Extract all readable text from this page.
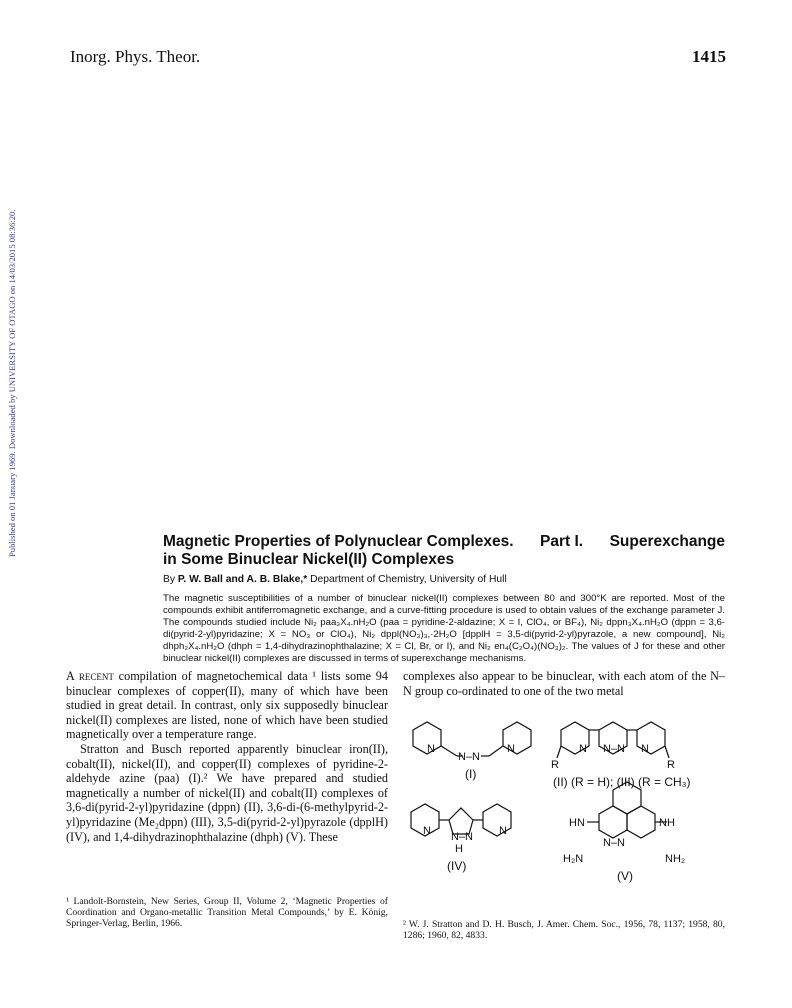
Inorg. Phys. Theor.	1415
Published on 01 January 1969. Downloaded by UNIVERSITY OF OTAGO on 14/03/2015 08:36:20.	Magnetic Properties of Polynuclear Complexes. Part I. Superexchange
in Some Binuclear Nickel(II) Complexes
By P. W. Ball and A. B. Blake,* Department of Chemistry, University of Hull
The magnetic susceptibilities of a number of binuclear nickel(II) complexes between 80 and 300°K are reported. Most of the compounds exhibit antiferromagnetic exchange, and a curve-fitting procedure is used to obtain values of the exchange parameter J. The compounds studied include Ni₂ paa₃X₄.nH₂O (paa = pyridine-2-aldazine; X = I, ClO₄, or BF₄), Ni₂ dppn₃X₄.nH₂O (dppn = 3,6-di(pyrid-2-yl)pyridazine; X = NO₃ or ClO₄), Ni₂ dppl(NO₃)₃,·2H₂O [dpplH = 3,5-di(pyrid-2-yl)pyrazole, a new compound], Ni₂ dhph₂X₄.nH₂O (dhph = 1,4-dihydrazinophthalazine; X = Cl, Br, or I), and Ni₂ en₄(C₂O₄)(NO₃)₂. The values of J for these and other binuclear nickel(II) complexes are discussed in terms of superexchange mechanisms.

A recent compilation of magnetochemical data ¹ lists some 94 binuclear complexes of copper(II), many of which have been studied in great detail. In contrast, only six supposedly binuclear nickel(II) complexes are listed, none of which have been studied magnetically over a temperature range.

Stratton and Busch reported apparently binuclear iron(II), cobalt(II), nickel(II), and copper(II) complexes of pyridine-2-aldehyde azine (paa) (I).² We have prepared and studied magnetically a number of nickel(II) and cobalt(II) complexes of 3,6-di(pyrid-2-yl)pyridazine (dppn) (II), 3,6-di-(6-methylpyrid-2-yl)pyridazine (Me₂dppn) (III), 3,5-di(pyrid-2-yl)pyrazole (dpplH) (IV), and 1,4-dihydrazinophthalazine (dhph) (V). These

complexes also appear to be binuclear, with each atom of the N–N group co-ordinated to one of the two metal

N
N–N
N
(I)
N N–N N
R	R
(II) (R = H); (III) (R = CH₃)
N N–N
H
N
(IV)
HN	NH
N–N
H₂N	NH₂
(V)
¹ Landolt-Bornstein, New Series, Group II, Volume 2, ‘Magnetic Properties of Coordination and Organo-metallic Transition Metal Compounds,’ by E. König, Springer-Verlag, Berlin, 1966.	² W. J. Stratton and D. H. Busch, J. Amer. Chem. Soc., 1956, 78, 1137; 1958, 80, 1286; 1960, 82, 4833.
